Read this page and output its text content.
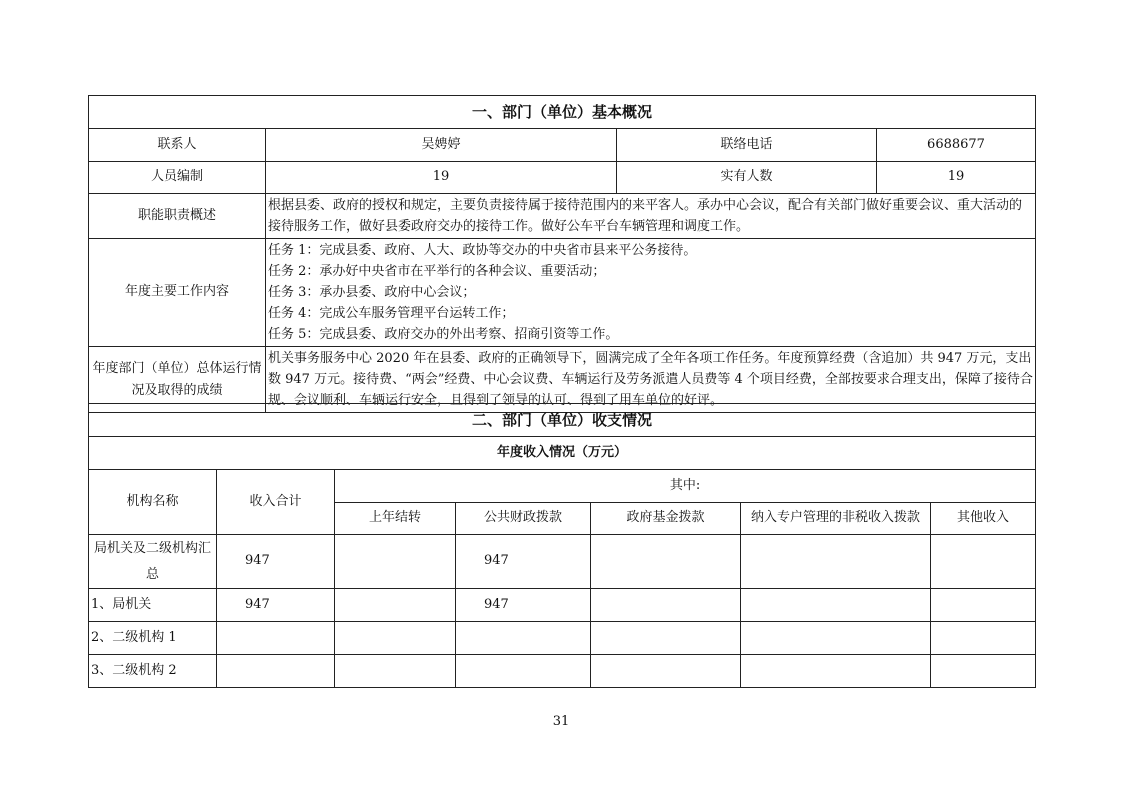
一、部门（单位）基本概况			
联系人	吴娉婷	联络电话	6688677
人员编制	19	实有人数	19
职能职责概述	根据县委、政府的授权和规定，主要负责接待属于接待范围内的来平客人。承办中心会议，配合有关部门做好重要会议、重大活动的接待服务工作，做好县委政府交办的接待工作。做好公车平台车辆管理和调度工作。		
年度主要工作内容	任务 1：完成县委、政府、人大、政协等交办的中央省市县来平公务接待。
任务 2：承办好中央省市在平举行的各种会议、重要活动；
任务 3：承办县委、政府中心会议；
任务 4：完成公车服务管理平台运转工作；
任务 5：完成县委、政府交办的外出考察、招商引资等工作。		

年度部门（单位）总体运行情况及取得的成绩	机关事务服务中心 2020 年在县委、政府的正确领导下，圆满完成了全年各项工作任务。年度预算经费（含追加）共 947 万元，支出数 947 万元。接待费、“两会”经费、中心会议费、车辆运行及劳务派遣人员费等 4 个项目经费，全部按要求合理支出，保障了接待合规、会议顺利、车辆运行安全，且得到了领导的认可、得到了用车单位的好评。		
二、部门（单位）收支情况						
年度收入情况（万元）						
机构名称	收入合计	其中:				
		上年结转	公共财政拨款	政府基金拨款	纳入专户管理的非税收入拨款	其他收入
局机关及二级机构汇总	947		947			
1、局机关	947		947			
2、二级机构 1						
3、二级机构 2						
31
